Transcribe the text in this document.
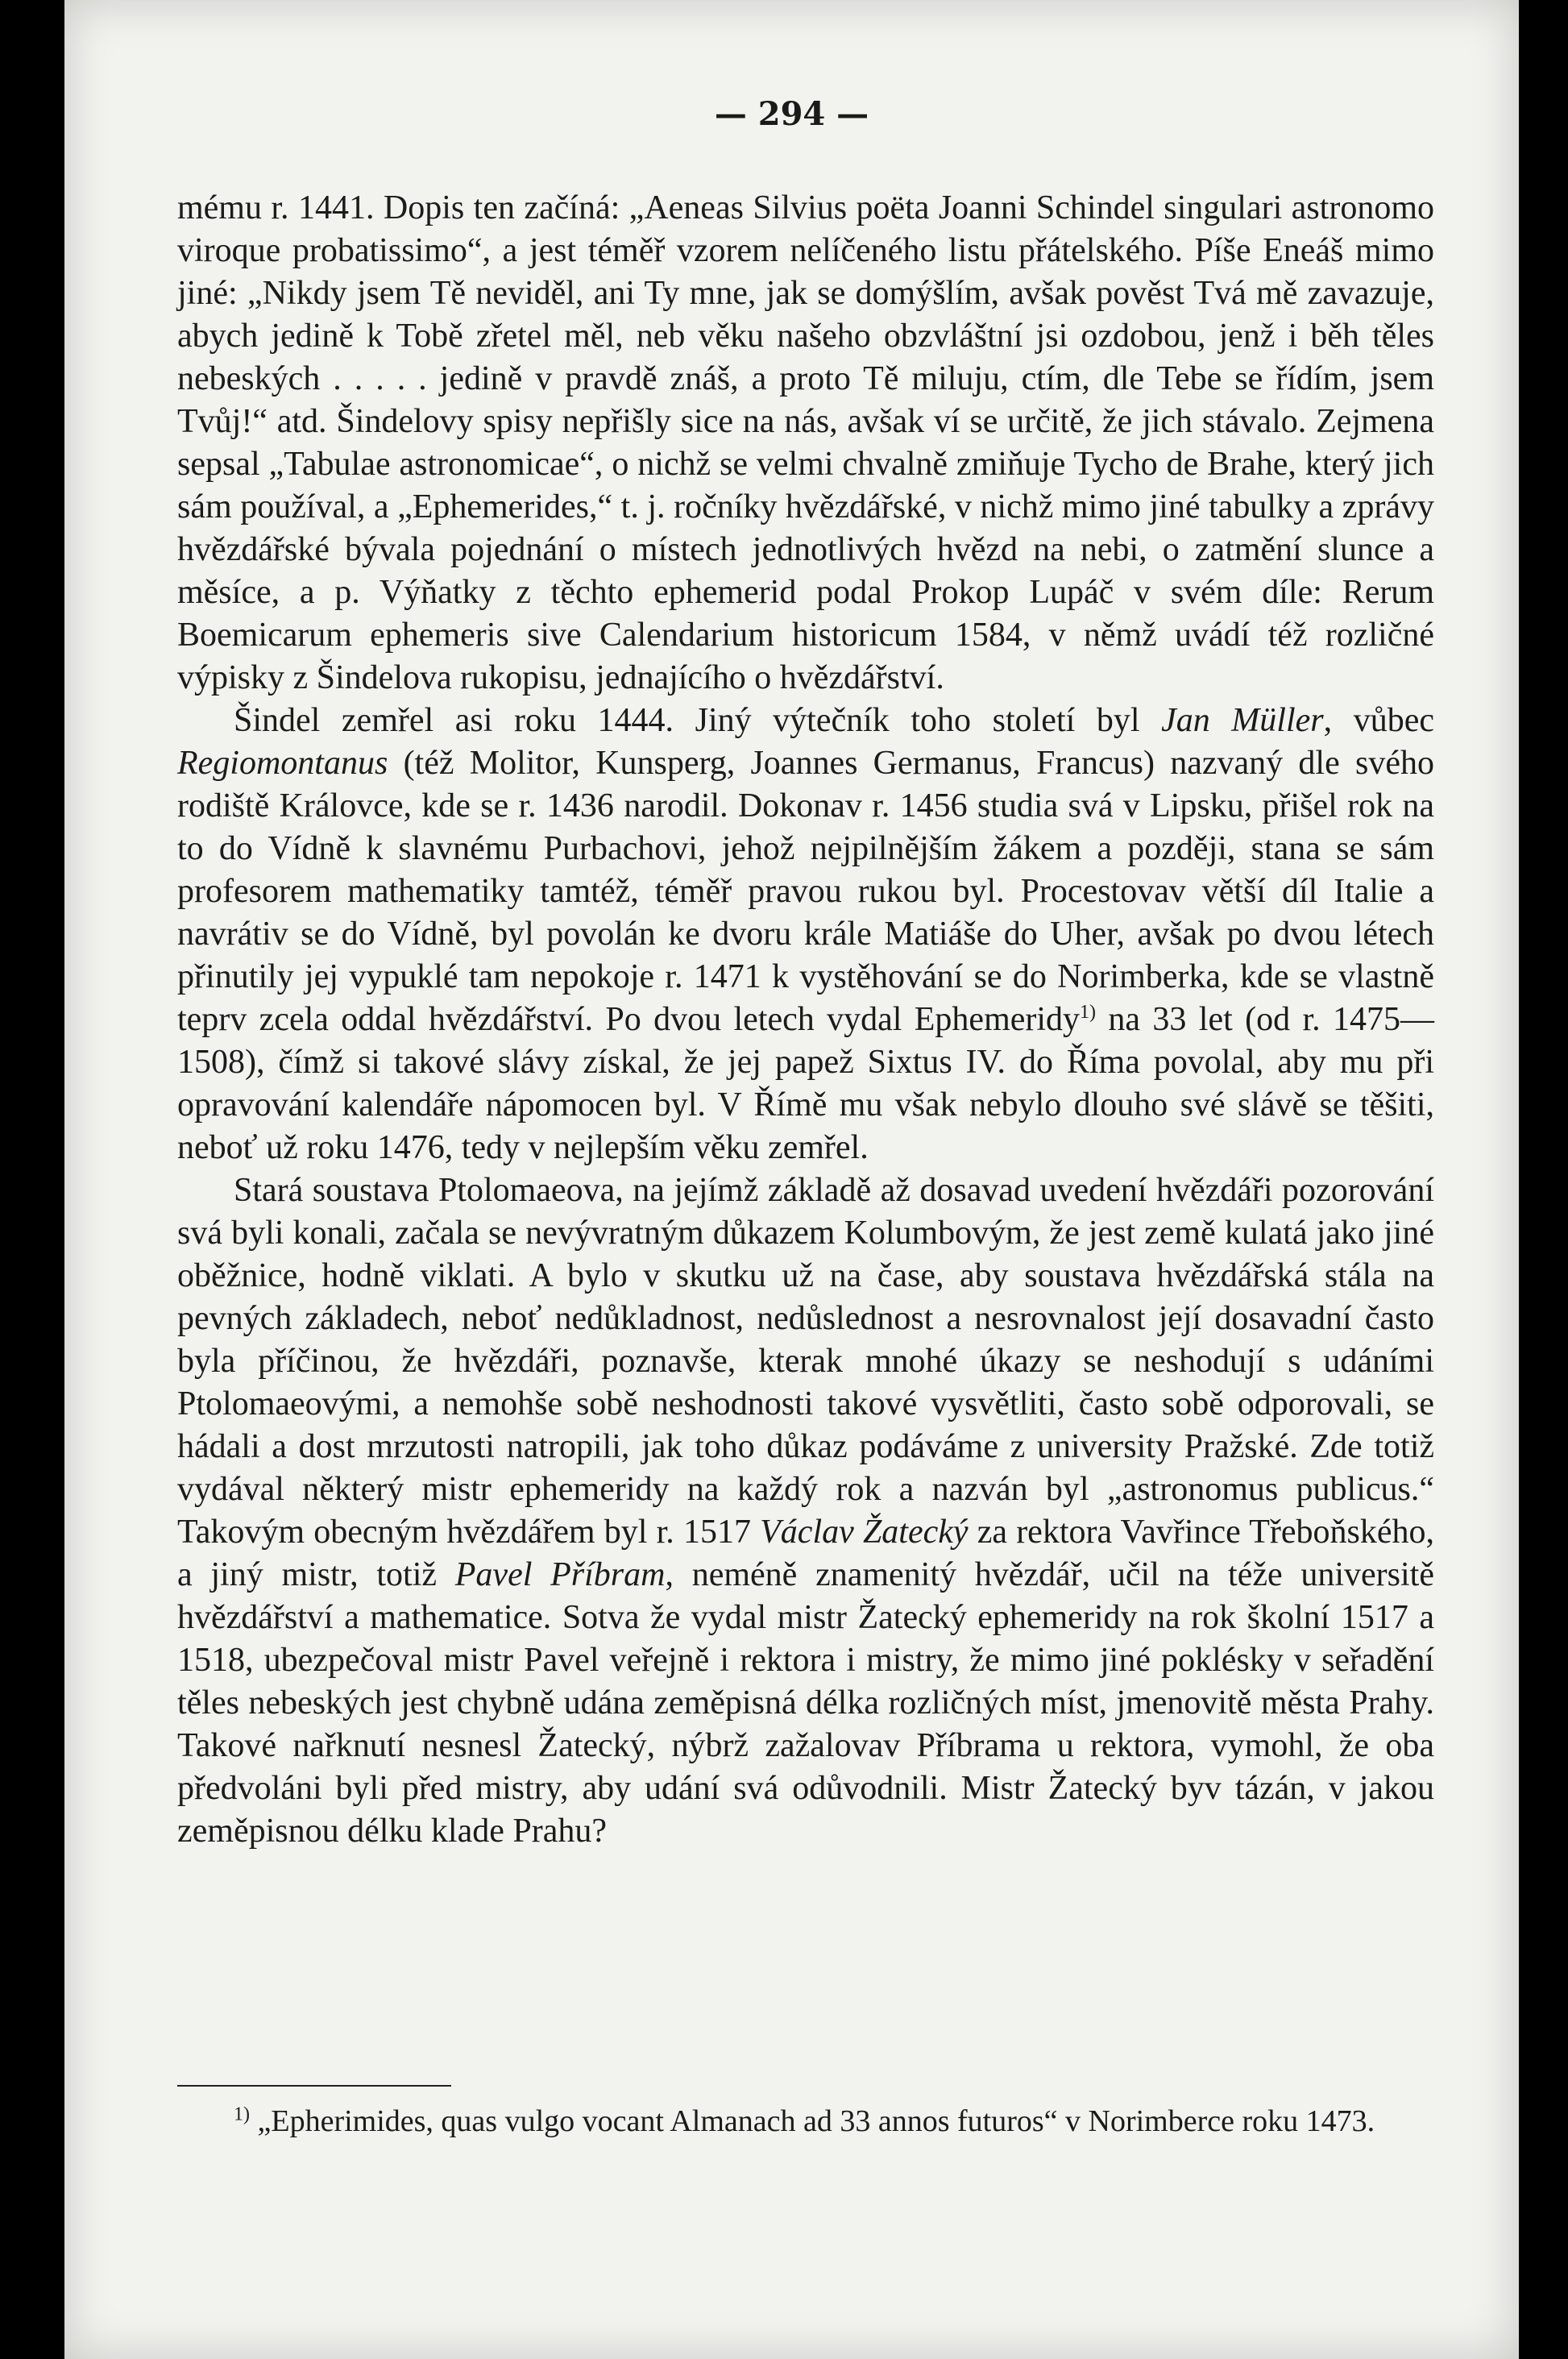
— 294 —

mému r. 1441. Dopis ten začíná: „Aeneas Silvius poëta Joanni Schindel singulari astronomo viroque probatissimo“, a jest téměř vzorem nelíčeného listu přátelského. Píše Eneáš mimo jiné: „Nikdy jsem Tě neviděl, ani Ty mne, jak se domýšlím, avšak pověst Tvá mě zavazuje, abych jedině k Tobě zřetel měl, neb věku našeho obzvláštní jsi ozdobou, jenž i běh těles nebeských . . . . . jedině v pravdě znáš, a proto Tě miluju, ctím, dle Tebe se řídím, jsem Tvůj!“ atd. Šindelovy spisy nepřišly sice na nás, avšak ví se určitě, že jich stávalo. Zejmena sepsal „Tabulae astronomicae“, o nichž se velmi chvalně zmiňuje Tycho de Brahe, který jich sám používal, a „Ephemerides,“ t. j. ročníky hvězdářské, v nichž mimo jiné tabulky a zprávy hvězdářské bývala pojednání o místech jednotlivých hvězd na nebi, o zatmění slunce a měsíce, a p. Výňatky z těchto ephemerid podal Prokop Lupáč v svém díle: Rerum Boemicarum ephemeris sive Calendarium historicum 1584, v němž uvádí též rozličné výpisky z Šindelova rukopisu, jednajícího o hvězdářství.

Šindel zemřel asi roku 1444. Jiný výtečník toho století byl Jan Müller, vůbec Regiomontanus (též Molitor, Kunsperg, Joannes Germanus, Francus) nazvaný dle svého rodiště Královce, kde se r. 1436 narodil. Dokonav r. 1456 studia svá v Lipsku, přišel rok na to do Vídně k slavnému Purbachovi, jehož nejpilnějším žákem a později, stana se sám profesorem mathematiky tamtéž, téměř pravou rukou byl. Procestovav větší díl Italie a navrátiv se do Vídně, byl povolán ke dvoru krále Matiáše do Uher, avšak po dvou létech přinutily jej vypuklé tam nepokoje r. 1471 k vystěhování se do Norimberka, kde se vlastně teprv zcela oddal hvězdářství. Po dvou letech vydal Ephemeridy$^{1)}$ na 33 let (od r. 1475—1508), čímž si takové slávy získal, že jej papež Sixtus IV. do Říma povolal, aby mu při opravování kalendáře nápomocen byl. V Římě mu však nebylo dlouho své slávě se těšiti, neboť už roku 1476, tedy v nejlepším věku zemřel.

Stará soustava Ptolomaeova, na jejímž základě až dosavad uvedení hvězdáři pozorování svá byli konali, začala se nevývratným důkazem Kolumbovým, že jest země kulatá jako jiné oběžnice, hodně viklati. A bylo v skutku už na čase, aby soustava hvězdářská stála na pevných základech, neboť nedůkladnost, nedůslednost a nesrovnalost její dosavadní často byla příčinou, že hvězdáři, poznavše, kterak mnohé úkazy se neshodují s udáními Ptolomaeovými, a nemohše sobě neshodnosti takové vysvětliti, často sobě odporovali, se hádali a dost mrzutosti natropili, jak toho důkaz podáváme z university Pražské. Zde totiž vydával některý mistr ephemeridy na každý rok a nazván byl „astronomus publicus.“ Takovým obecným hvězdářem byl r. 1517 Václav Žatecký za rektora Vavřince Třeboňského, a jiný mistr, totiž Pavel Příbram, neméně znamenitý hvězdář, učil na téže universitě hvězdářství a mathematice. Sotva že vydal mistr Žatecký ephemeridy na rok školní 1517 a 1518, ubezpečoval mistr Pavel veřejně i rektora i mistry, že mimo jiné poklésky v seřadění těles nebeských jest chybně udána zeměpisná délka rozličných míst, jmenovitě města Prahy. Takové nařknutí nesnesl Žatecký, nýbrž zažalovav Příbrama u rektora, vymohl, že oba předvoláni byli před mistry, aby udání svá odůvodnili. Mistr Žatecký byv tázán, v jakou zeměpisnou délku klade Prahu?

$^{1)}$ „Epherimides, quas vulgo vocant Almanach ad 33 annos futuros“ v Norimberce roku 1473.
